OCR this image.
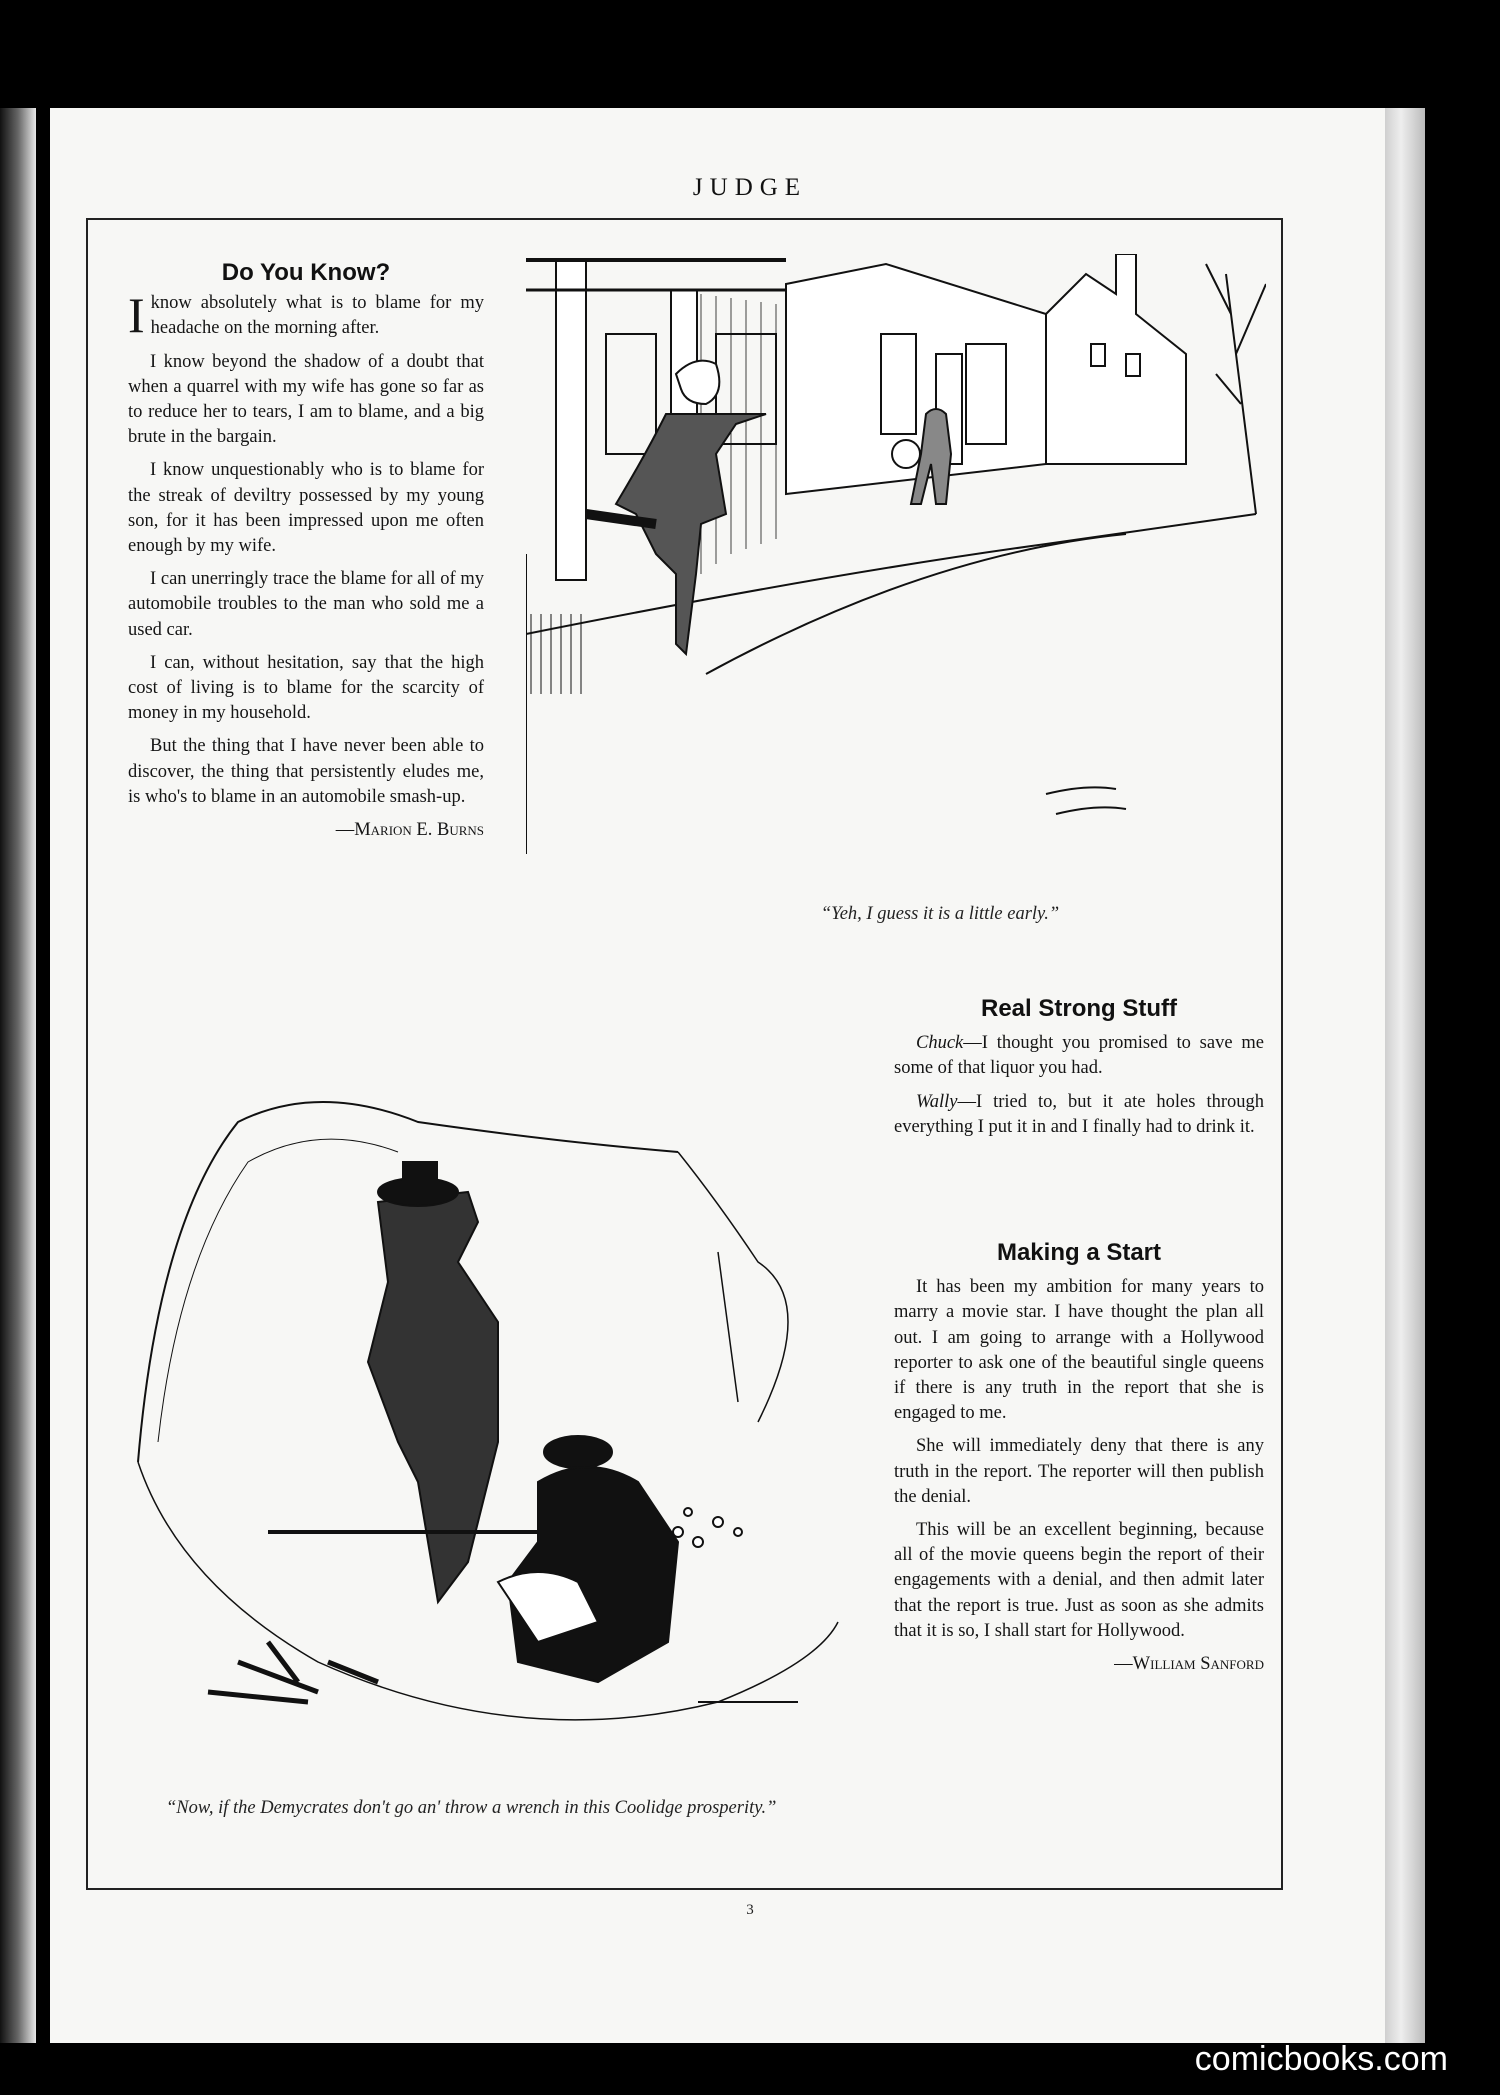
JUDGE
Do You Know?

Iknow absolutely what is to blame for my headache on the morning after.

I know beyond the shadow of a doubt that when a quarrel with my wife has gone so far as to reduce her to tears, I am to blame, and a big brute in the bargain.

I know unquestionably who is to blame for the streak of deviltry possessed by my young son, for it has been impressed upon me often enough by my wife.

I can unerringly trace the blame for all of my automobile troubles to the man who sold me a used car.

I can, without hesitation, say that the high cost of living is to blame for the scarcity of money in my household.

But the thing that I have never been able to discover, the thing that persistently eludes me, is who's to blame in an automobile smash-up.

—Marion E. Burns
“Yeh, I guess it is a little early.”
“Now, if the Demycrates don't go an' throw a wrench in this Coolidge prosperity.”
Real Strong Stuff

Chuck—I thought you promised to save me some of that liquor you had.

Wally—I tried to, but it ate holes through everything I put it in and I finally had to drink it.

Making a Start

It has been my ambition for many years to marry a movie star. I have thought the plan all out. I am going to arrange with a Hollywood reporter to ask one of the beautiful single queens if there is any truth in the report that she is engaged to me.

She will immediately deny that there is any truth in the report. The reporter will then publish the denial.

This will be an excellent beginning, because all of the movie queens begin the report of their engagements with a denial, and then admit later that the report is true. Just as soon as she admits that it is so, I shall start for Hollywood.

—William Sanford
3
comicbooks.com
